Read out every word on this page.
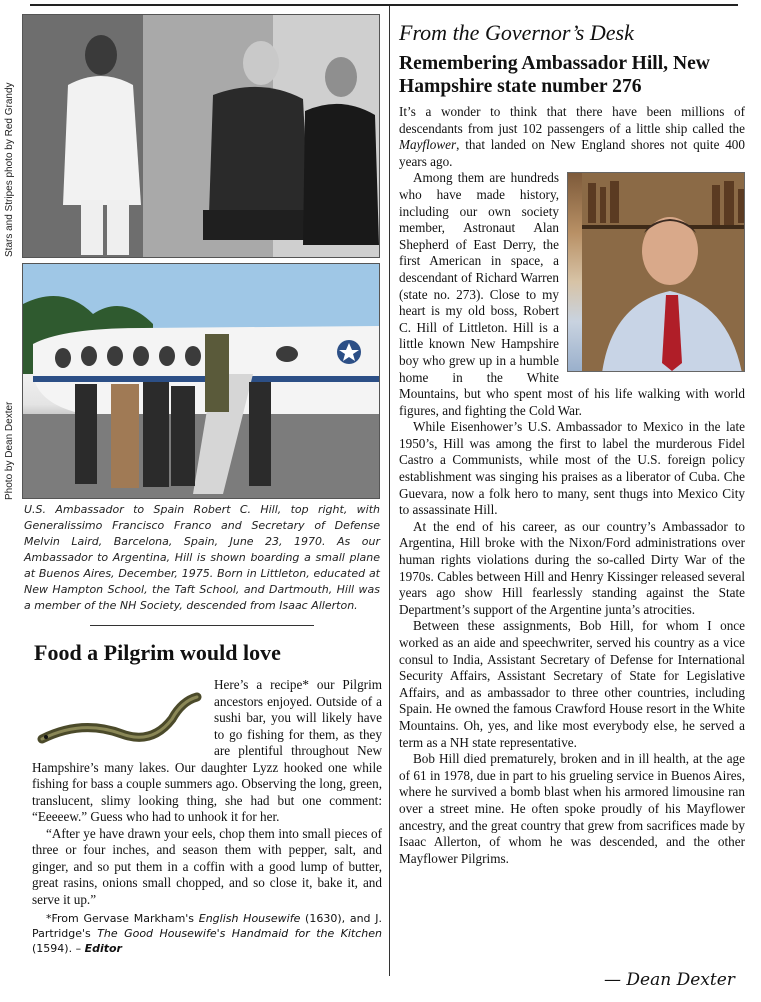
Stars and Stripes photo by Red Grandy
Photo by Dean Dexter
U.S. Ambassador to Spain Robert C. Hill, top right, with Generalissimo Francisco Franco and Secretary of Defense Melvin Laird, Barcelona, Spain, June 23, 1970. As our Ambassador to Argentina, Hill is shown boarding a small plane at Buenos Aires, December, 1975. Born in Littleton, educated at New Hampton School, the Taft School, and Dartmouth, Hill was a member of the NH Society, descended from Isaac Allerton.
Food a Pilgrim would love

Here’s a recipe* our Pilgrim ancestors enjoyed. Outside of a sushi bar, you will likely have to go fishing for them, as they are plentiful throughout New Hampshire’s many lakes. Our daughter Lyzz hooked one while fishing for bass a couple summers ago. Observing the long, green, translucent, slimy looking thing, she had but one comment: “Eeeeew.” Guess who had to unhook it for her.

“After ye have drawn your eels, chop them into small pieces of three or four inches, and season them with pepper, salt, and ginger, and so put them in a coffin with a good lump of butter, great rasins, onions small chopped, and so close it, bake it, and serve it up.”

*From Gervase Markham's English Housewife (1630), and J. Partridge's The Good Housewife's Handmaid for the Kitchen (1594). – Editor

From the Governor’s Desk
Remembering Ambassador Hill, New Hampshire state number 276

It’s a wonder to think that there have been millions of descendants from just 102 passengers of a little ship called the Mayflower, that landed on New England shores not quite 400 years ago.

Among them are hundreds who have made history, including our own society member, Astronaut Alan Shepherd of East Derry, the first American in space, a descendant of Richard Warren (state no. 273). Close to my heart is my old boss, Robert C. Hill of Littleton. Hill is a little known New Hampshire boy who grew up in a humble home in the White Mountains, but who spent most of his life walking with world figures, and fighting the Cold War.

While Eisenhower’s U.S. Ambassador to Mexico in the late 1950’s, Hill was among the first to label the murderous Fidel Castro a Communists, while most of the U.S. foreign policy establishment was singing his praises as a liberator of Cuba. Che Guevara, now a folk hero to many, sent thugs into Mexico City to assassinate Hill.

At the end of his career, as our country’s Ambassador to Argentina, Hill broke with the Nixon/Ford administrations over human rights violations during the so-called Dirty War of the 1970s. Cables between Hill and Henry Kissinger released several years ago show Hill fearlessly standing against the State Department’s support of the Argentine junta’s atrocities.

Between these assignments, Bob Hill, for whom I once worked as an aide and speechwriter, served his country as a vice consul to India, Assistant Secretary of Defense for International Security Affairs, Assistant Secretary of State for Legislative Affairs, and as ambassador to three other countries, including Spain. He owned the famous Crawford House resort in the White Mountains. Oh, yes, and like most everybody else, he served a term as a NH state representative.

Bob Hill died prematurely, broken and in ill health, at the age of 61 in 1978, due in part to his grueling service in Buenos Aires, where he survived a bomb blast when his armored limousine ran over a street mine. He often spoke proudly of his Mayflower ancestry, and the great country that grew from sacrifices made by Isaac Allerton, of whom he was descended, and the other Mayflower Pilgrims.

— Dean Dexter
